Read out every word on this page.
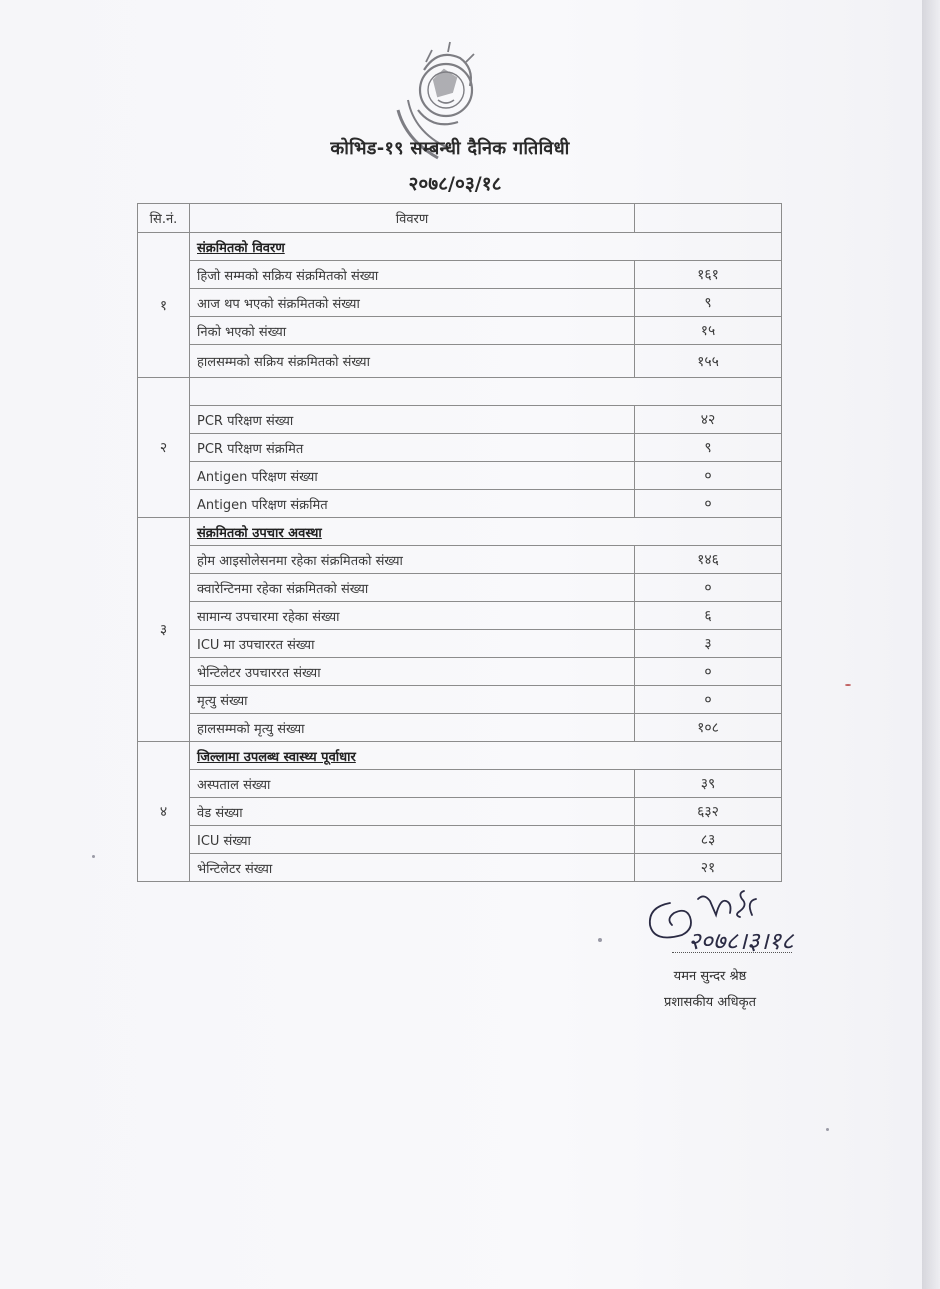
कोभिड-१९ सम्बन्धी दैनिक गतिविधी
२०७८/०३/१८
सि.नं.	विवरण	
१	संक्रमितको विवरण	
	हिजो सम्मको सक्रिय संक्रमितको संख्या	१६१
	आज थप भएको संक्रमितको संख्या	९
	निको भएको संख्या	१५
	हालसम्मको सक्रिय संक्रमितको संख्या	१५५
२		
	PCR परिक्षण संख्या	४२
	PCR परिक्षण संक्रमित	९
	Antigen परिक्षण संख्या	०
	Antigen परिक्षण संक्रमित	०
३	संक्रमितको उपचार अवस्था	
	होम आइसोलेसनमा रहेका संक्रमितको संख्या	१४६
	क्वारेन्टिनमा रहेका संक्रमितको संख्या	०
	सामान्य उपचारमा रहेका संख्या	६
	ICU मा उपचाररत संख्या	३
	भेन्टिलेटर उपचाररत संख्या	०
	मृत्यु संख्या	०
	हालसम्मको मृत्यु संख्या	१०८
४	जिल्लामा उपलब्ध स्वास्थ्य पूर्वाधार	
	अस्पताल संख्या	३९
	वेड संख्या	६३२
	ICU संख्या	८३
	भेन्टिलेटर संख्या	२१
२०७८।३।१८
यमन सुन्दर श्रेष्ठ
प्रशासकीय अधिकृत
